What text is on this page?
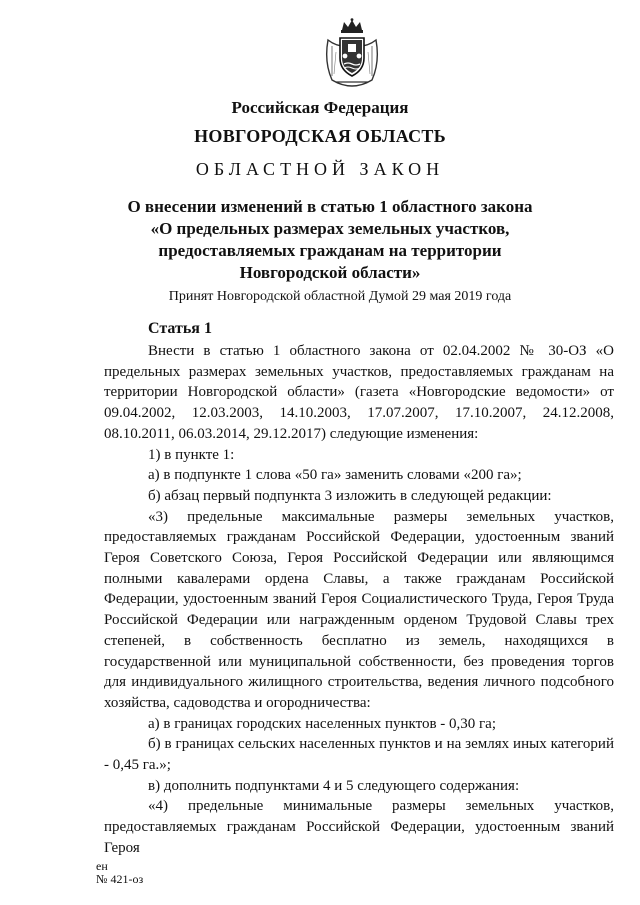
Российская Федерация
НОВГОРОДСКАЯ ОБЛАСТЬ
ОБЛАСТНОЙ ЗАКОН
О внесении изменений в статью 1 областного закона
«О предельных размерах земельных участков,
предоставляемых гражданам на территории
Новгородской области»
Принят Новгородской областной Думой 29 мая 2019 года
Статья 1

Внести в статью 1 областного закона от 02.04.2002 № 30-ОЗ «О предельных размерах земельных участков, предоставляемых гражданам на территории Новгородской области» (газета «Новгородские ведомости» от 09.04.2002, 12.03.2003, 14.10.2003, 17.07.2007, 17.10.2007, 24.12.2008, 08.10.2011, 06.03.2014, 29.12.2017) следующие изменения:

1) в пункте 1:

а) в подпункте 1 слова «50 га» заменить словами «200 га»;

б) абзац первый подпункта 3 изложить в следующей редакции:

«3) предельные максимальные размеры земельных участков, предоставляемых гражданам Российской Федерации, удостоенным званий Героя Советского Союза, Героя Российской Федерации или являющимся полными кавалерами ордена Славы, а также гражданам Российской Федерации, удостоенным званий Героя Социалистического Труда, Героя Труда Российской Федерации или награжденным орденом Трудовой Славы трех степеней, в собственность бесплатно из земель, находящихся в государственной или муниципальной собственности, без проведения торгов для индивидуального жилищного строительства, ведения личного подсобного хозяйства, садоводства и огородничества:

а) в границах городских населенных пунктов - 0,30 га;

б) в границах сельских населенных пунктов и на землях иных категорий - 0,45 га.»;

в) дополнить подпунктами 4 и 5 следующего содержания:

«4) предельные минимальные размеры земельных участков, предоставляемых гражданам Российской Федерации, удостоенным званий Героя

ен
№ 421-оз
